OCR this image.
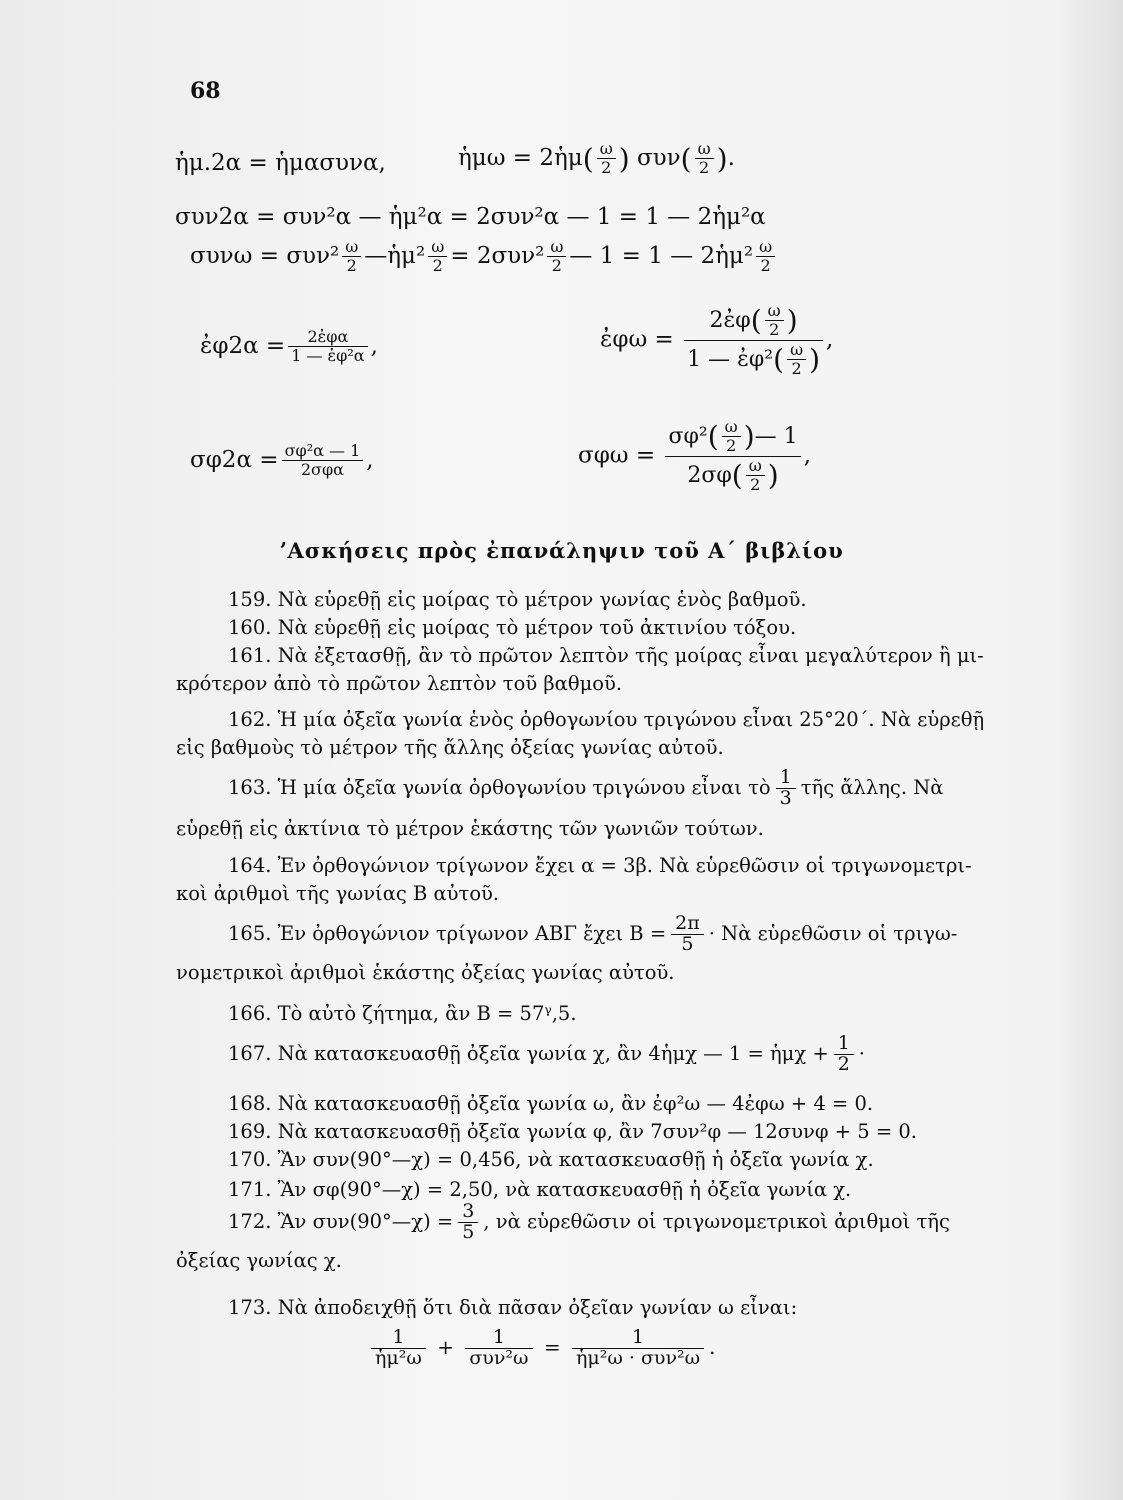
68
ἡμ.2α = ἡμασυνα,	ἡμω = 2ἡμ( $\frac{\omega}{2}$ ) $\sigma\upsilon\nu( \frac{\omega}{2}$ ).
συν2α = συν²α — ἡμ²α = 2συν²α — 1 = 1 — 2ἡμ²α
$\sigma\upsilon\nu\omega = \sigma\upsilon\nu^2 \frac{\omega}{2}$ —ἡμ² $\frac{\omega}{2} = 2\sigma\upsilon\nu^2 \frac{\omega}{2}$ — 1 = 1 — 2ἡμ² $\frac{\omega}{2}$
ἐφ2α =	2ἐφα
1 — ἐφ²α ,	ἐφω = $\frac{2ἐ\varphi( \frac{\omega}{2} )}{1 — ἐ\varphi^2( \frac{\omega}{2} )}$ ,
σφ2α = σφ²α — 1
2σφα ,	$\sigma\varphi\omega = \frac{\sigma\varphi^2( \frac{\omega}{2} )— 1}{2\sigma\varphi( \frac{\omega}{2} )}$ ,
ʼΑσκήσεις πρὸς ἐπανάληψιν τοῦ Α΄ βιβλίου
159. Νὰ εὑρεθῇ εἰς μοίρας τὸ μέτρον γωνίας ἑνὸς βαθμοῦ.
160. Νὰ εὑρεθῇ εἰς μοίρας τὸ μέτρον τοῦ ἀκτινίου τόξου.
161. Νὰ ἐξετασθῇ, ἂν τὸ πρῶτον λεπτὸν τῆς μοίρας εἶναι μεγαλύτερον ἢ μι-
κρότερον ἀπὸ τὸ πρῶτον λεπτὸν τοῦ βαθμοῦ.
162. Ἡ μία ὀξεῖα γωνία ἑνὸς ὀρθογωνίου τριγώνου εἶναι 25°20΄. Νὰ εὑρεθῇ
εἰς βαθμοὺς τὸ μέτρον τῆς ἄλλης ὀξείας γωνίας αὐτοῦ.
163. Ἡ μία ὀξεῖα γωνία ὀρθογωνίου τριγώνου εἶναι τὸ $\frac{1}{3}$ τῆς ἄλλης. Νὰ
εὑρεθῇ εἰς ἀκτίνια τὸ μέτρον ἑκάστης τῶν γωνιῶν τούτων.
164. Ἐν ὀρθογώνιον τρίγωνον ἔχει α = 3β. Νὰ εὑρεθῶσιν οἱ τριγωνομετρι-
κοὶ ἀριθμοὶ τῆς γωνίας Β αὐτοῦ.
165. Ἐν ὀρθογώνιον τρίγωνον ΑΒΓ ἔχει $B = \frac{2\pi}{5}$ · Νὰ εὑρεθῶσιν οἱ τριγω-
νομετρικοὶ ἀριθμοὶ ἑκάστης ὀξείας γωνίας αὐτοῦ.
166. Τὸ αὐτὸ ζήτημα, ἂν Β = 57ᵞ,5.
167. Νὰ κατασκευασθῇ ὀξεῖα γωνία χ, ἂν 4ἡμχ — 1 = ἡμχ + $\frac{1}{2}$ ·
168. Νὰ κατασκευασθῇ ὀξεῖα γωνία ω, ἂν ἐφ²ω — 4ἐφω + 4 = 0.
169. Νὰ κατασκευασθῇ ὀξεῖα γωνία φ, ἂν 7συν²φ — 12συνφ + 5 = 0.
170. Ἂν συν(90°—χ) = 0,456, νὰ κατασκευασθῇ ἡ ὀξεῖα γωνία χ.
171. Ἂν σφ(90°—χ) = 2,50, νὰ κατασκευασθῇ ἡ ὀξεῖα γωνία χ.
172. Ἂν συν(90°—χ) = $\frac{3}{5}$ , νὰ εὑρεθῶσιν οἱ τριγωνομετρικοὶ ἀριθμοὶ τῆς
ὀξείας γωνίας χ.
173. Νὰ ἀποδειχθῇ ὅτι διὰ πᾶσαν ὀξεῖαν γωνίαν ω εἶναι:
$\frac{1}{\text{ἡμ²ω}}$ +	1
συν²ω =	1
ἡμ²ω · συν²ω .
